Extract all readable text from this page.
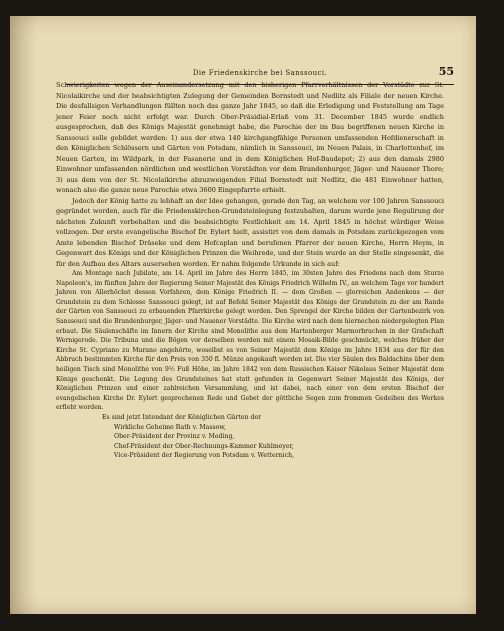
Die Friedenskirche bei Sanssouci.	55

Schwierigkeiten wegen der Auseinandersetzung mit den bisherigen Pfarrverhältnissen der Vorstädte zur St. Nicolaikirche und der beabsichtigten Zulegung der Gemeinden Bornstedt und Nedlitz als Filiale der neuen Kirche. Die desfallsigen Verhandlungen füllten noch das ganze Jahr 1845, so daß die Erledigung und Feststellung am Tage jener Feier noch nicht erfolgt war. Durch Ober-Präsidial-Erlaß vom 31. December 1845 wurde endlich ausgesprochen, daß des Königs Majestät genehmigt habe, die Parochie der im Bau begriffenen neuen Kirche in Sanssouci solle gebildet werden: 1) aus der etwa 140 kirchgangfähige Personen umfassenden Hofdienerschaft in den Königlichen Schlössern und Gärten von Potsdam, nämlich in Sanssouci, im Neuen Palais, in Charlottenhof, im Neuen Garten, im Wildpark, in der Fasanerie und in dem Königlichen Hof-Baudepot; 2) aus den damals 2980 Einwohner umfassenden nördlichen und westlichen Vorstädten vor dem Brandenburger, Jäger- und Nauener Thore; 3) aus dem von der St. Nicolaikirche abzuzweigenden Filial Bornstedt mit Nedlitz, die 481 Einwohner hatten, wonach also die ganze neue Parochie etwa 3600 Eingepfarrte erhielt.

Jedoch der König hatte zu lebhaft an der Idee gehangen, gerade den Tag, an welchem vor 100 Jahren Sanssouci gegründet worden, auch für die Friedenskirchen-Grundsteinlegung festzuhalten, darum wurde jene Regulirung der nächsten Zukunft vorbehalten und die beabsichtigte Festlichkeit am 14. April 1845 in höchst würdiger Weise vollzogen. Der erste evangelische Bischof Dr. Eylert hielt, assistirt von dem damals in Potsdam zurückgezogen vom Amte lebenden Bischof Dräseke und dem Hofcaplan und berufenen Pfarrer der neuen Kirche, Herrn Heym, in Gegenwart des Königs und der Königlichen Prinzen die Weihrede, und der Stein wurde an der Stelle eingesenkt, die für den Aufbau des Altars ausersehen worden. Er nahm folgende Urkunde in sich auf:

Am Montage nach Jubilate, am 14. April im Jahre des Herrn 1845, im 30sten Jahre des Friedens nach dem Sturze Napoleon's, im fünften Jahre der Regierung Seiner Majestät des Königs Friedrich Wilhelm IV., an welchem Tage vor hundert Jahren von Allerhöchst dessen Vorfahren, dem Könige Friedrich II. — dem Großen — glorreichen Andenkens — der Grundstein zu dem Schlosse Sanssouci gelegt, ist auf Befehl Seiner Majestät des Königs der Grundstein zu der am Rande der Gärten von Sanssouci zu erbauenden Pfarrkirche gelegt worden. Den Sprengel der Kirche bilden der Gartenbezirk von Sanssouci und die Brandenburger, Jäger- und Nauener Vorstädte. Die Kirche wird nach dem hiernechen niedergelegten Plan erbaut. Die Säulenschäfte im Innern der Kirche sind Monolithe aus dem Hartenberger Marmorbruchen in der Grafschaft Wernigerode. Die Tribuna und die Bögen vor derselben werden mit einem Mosaik-Bilde geschmückt, welches früher der Kirche St. Cypriano zu Murano angehörte, woselbst es von Seiner Majestät dem Könige im Jahre 1834 aus der für den Abbruch bestimmten Kirche für den Preis von 350 fl. Münze angekauft worden ist. Die vier Säulen des Baldachins über dem heiligen Tisch sind Monolithe von 9½ Fuß Höhe, im Jahre 1842 von dem Russischen Kaiser Nikolaus Seiner Majestät dem Könige geschenkt. Die Legung des Grundsteines hat statt gefunden in Gegenwart Seiner Majestät des Königs, der Königlichen Prinzen und einer zahlreichen Versammlung, und ist dabei, nach einer von dem ersten Bischof der evangelischen Kirche Dr. Eylert gesprochenen Rede und Gebet der göttliche Segen zum frommen Gedeihen des Werkes erfleht worden.

Es sind jetzt Intendant der Königlichen Gärten der
Wirkliche Geheime Rath v. Massow,
Ober-Präsident der Provinz v. Meding,
Chef-Präsident der Ober-Rechnungs-Kammer Kuhlmeyer,
Vice-Präsident der Regierung von Potsdam v. Wetternich,
